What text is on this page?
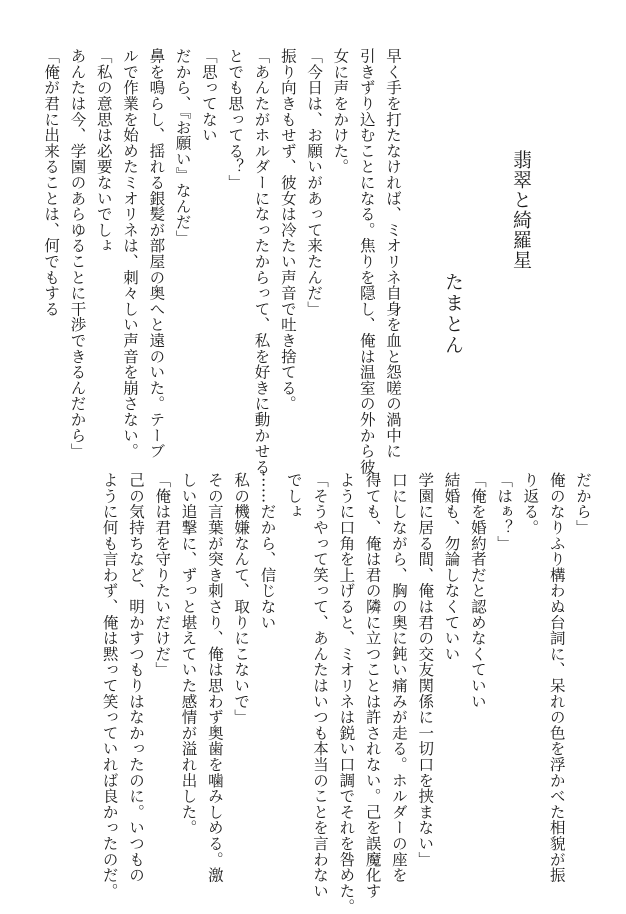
翡翠と綺羅星
たまとん
早く手を打たなければ、ミオリネ自身を血と怨嗟の渦中に
引きずり込むことになる。焦りを隠し、俺は温室の外から彼
女に声をかけた。
「今日は、お願いがあって来たんだ」
振り向きもせず、彼女は冷たい声音で吐き捨てる。
「あんたがホルダーになったからって、私を好きに動かせる
とでも思ってる？」
「思ってない
だから、『お願い』なんだ」
鼻を鳴らし、揺れる銀髪が部屋の奥へと遠のいた。テーブ
ルで作業を始めたミオリネは、刺々しい声音を崩さない。
「私の意思は必要ないでしょ
あんたは今、学園のあらゆることに干渉できるんだから」
「俺が君に出来ることは、何でもする
だから」
俺のなりふり構わぬ台詞に、呆れの色を浮かべた相貌が振
り返る。
「はぁ？」
「俺を婚約者だと認めなくていい
結婚も、勿論しなくていい
学園に居る間、俺は君の交友関係に一切口を挟まない」
口にしながら、胸の奥に鈍い痛みが走る。ホルダーの座を
得ても、俺は君の隣に立つことは許されない。己を誤魔化す
ように口角を上げると、ミオリネは鋭い口調でそれを咎めた。
「そうやって笑って、あんたはいつも本当のことを言わない
でしょ
……だから、信じない
私の機嫌なんて、取りにこないで」
その言葉が突き刺さり、俺は思わず奥歯を噛みしめる。激
しい追撃に、ずっと堪えていた感情が溢れ出した。
「俺は君を守りたいだけだ」
己の気持ちなど、明かすつもりはなかったのに。いつもの
ように何も言わず、俺は黙って笑っていれば良かったのだ。
